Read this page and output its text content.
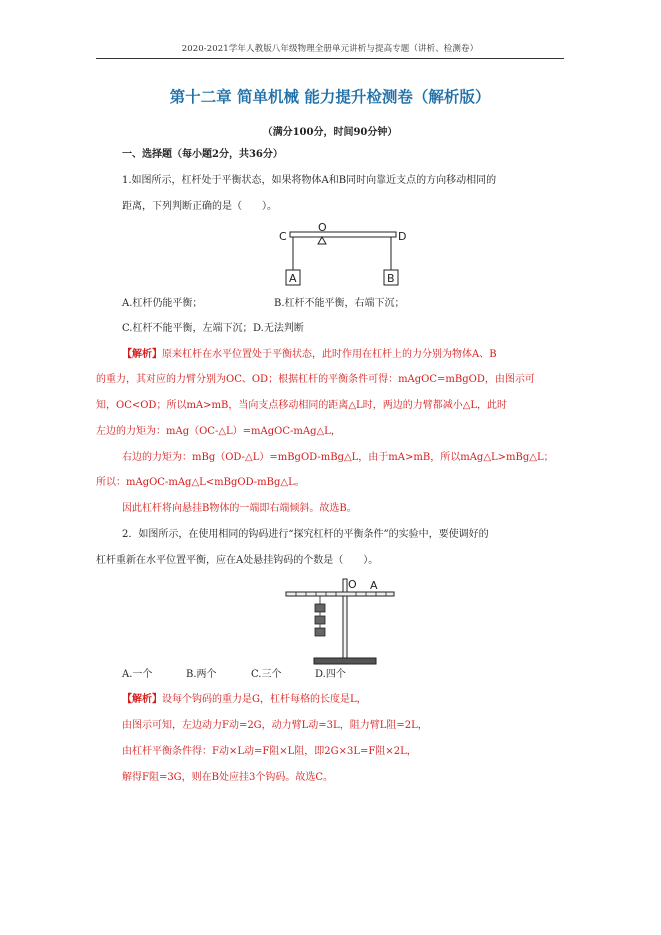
2020-2021学年人教版八年级物理全册单元讲析与提高专题（讲析、检测卷）
第十二章 简单机械 能力提升检测卷（解析版）
（满分100分，时间90分钟）
一、选择题（每小题2分，共36分）
1.如图所示，杠杆处于平衡状态，如果将物体A和B同时向靠近支点的方向移动相同的
距离，下列判断正确的是（　　）。
C	D
O
A	B
A.杠杆仍能平衡；	B.杠杆不能平衡，右端下沉；
C.杠杆不能平衡，左端下沉； D.无法判断
【解析】原来杠杆在水平位置处于平衡状态，此时作用在杠杆上的力分别为物体A、B
的重力，其对应的力臂分别为OC、OD；根据杠杆的平衡条件可得：mAgOC=mBgOD，由图示可
知，OC<OD；所以mA>mB，当向支点移动相同的距离△L时，两边的力臂都减小△L，此时
左边的力矩为：mAg（OC-△L）=mAgOC-mAg△L，
右边的力矩为：mBg（OD-△L）=mBgOD-mBg△L，由于mA>mB，所以mAg△L>mBg△L；
所以：mAgOC-mAg△L<mBgOD-mBg△L。
因此杠杆将向悬挂B物体的一端即右端倾斜。故选B。
2．如图所示，在使用相同的钩码进行“探究杠杆的平衡条件”的实验中，要使调好的
杠杆重新在水平位置平衡，应在A处悬挂钩码的个数是（　　）。
O A
A.一个	B.两个	C.三个	D.四个
【解析】设每个钩码的重力是G，杠杆每格的长度是L，
由图示可知，左边动力F动=2G，动力臂L动=3L，阻力臂L阻=2L，
由杠杆平衡条件得：F动×L动=F阻×L阻，即2G×3L=F阻×2L，
解得F阻=3G，则在B处应挂3个钩码。故选C。
